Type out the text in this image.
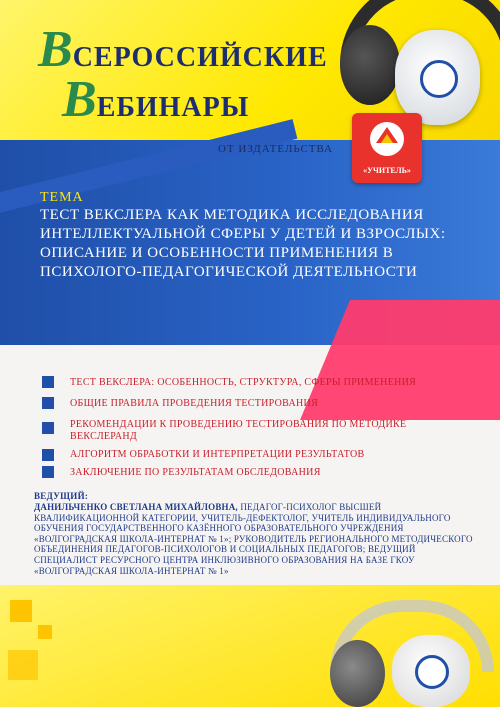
ВСЕРОССИЙСКИЕ
ВЕБИНАРЫ
ОТ ИЗДАТЕЛЬСТВА
«УЧИТЕЛЬ»
ТЕМА
ТЕСТ ВЕКСЛЕРА КАК МЕТОДИКА ИССЛЕДОВАНИЯ ИНТЕЛЛЕКТУАЛЬНОЙ СФЕРЫ У ДЕТЕЙ И ВЗРОСЛЫХ: ОПИСАНИЕ И ОСОБЕННОСТИ ПРИМЕНЕНИЯ В ПСИХОЛОГО-ПЕДАГОГИЧЕСКОЙ ДЕЯТЕЛЬНОСТИ
ТЕСТ ВЕКСЛЕРА: ОСОБЕННОСТЬ, СТРУКТУРА, СФЕРЫ ПРИМЕНЕНИЯ
ОБЩИЕ ПРАВИЛА ПРОВЕДЕНИЯ ТЕСТИРОВАНИЯ
РЕКОМЕНДАЦИИ К ПРОВЕДЕНИЮ ТЕСТИРОВАНИЯ ПО МЕТОДИКЕ ВЕКСЛЕРАНД
АЛГОРИТМ ОБРАБОТКИ И ИНТЕРПРЕТАЦИИ РЕЗУЛЬТАТОВ
ЗАКЛЮЧЕНИЕ ПО РЕЗУЛЬТАТАМ ОБСЛЕДОВАНИЯ
ВЕДУЩИЙ:
ДАНИЛЬЧЕНКО СВЕТЛАНА МИХАЙЛОВНА, ПЕДАГОГ-ПСИХОЛОГ ВЫСШЕЙ КВАЛИФИКАЦИОННОЙ КАТЕГОРИИ, УЧИТЕЛЬ-ДЕФЕКТОЛОГ, УЧИТЕЛЬ ИНДИВИДУАЛЬНОГО ОБУЧЕНИЯ ГОСУДАРСТВЕННОГО КАЗЁННОГО ОБРАЗОВАТЕЛЬНОГО УЧРЕЖДЕНИЯ «ВОЛГОГРАДСКАЯ ШКОЛА-ИНТЕРНАТ № 1»; РУКОВОДИТЕЛЬ РЕГИОНАЛЬНОГО МЕТОДИЧЕСКОГО ОБЪЕДИНЕНИЯ ПЕДАГОГОВ-ПСИХОЛОГОВ И СОЦИАЛЬНЫХ ПЕДАГОГОВ; ВЕДУЩИЙ СПЕЦИАЛИСТ РЕСУРСНОГО ЦЕНТРА ИНКЛЮЗИВНОГО ОБРАЗОВАНИЯ НА БАЗЕ ГКОУ «ВОЛГОГРАДСКАЯ ШКОЛА-ИНТЕРНАТ № 1»
